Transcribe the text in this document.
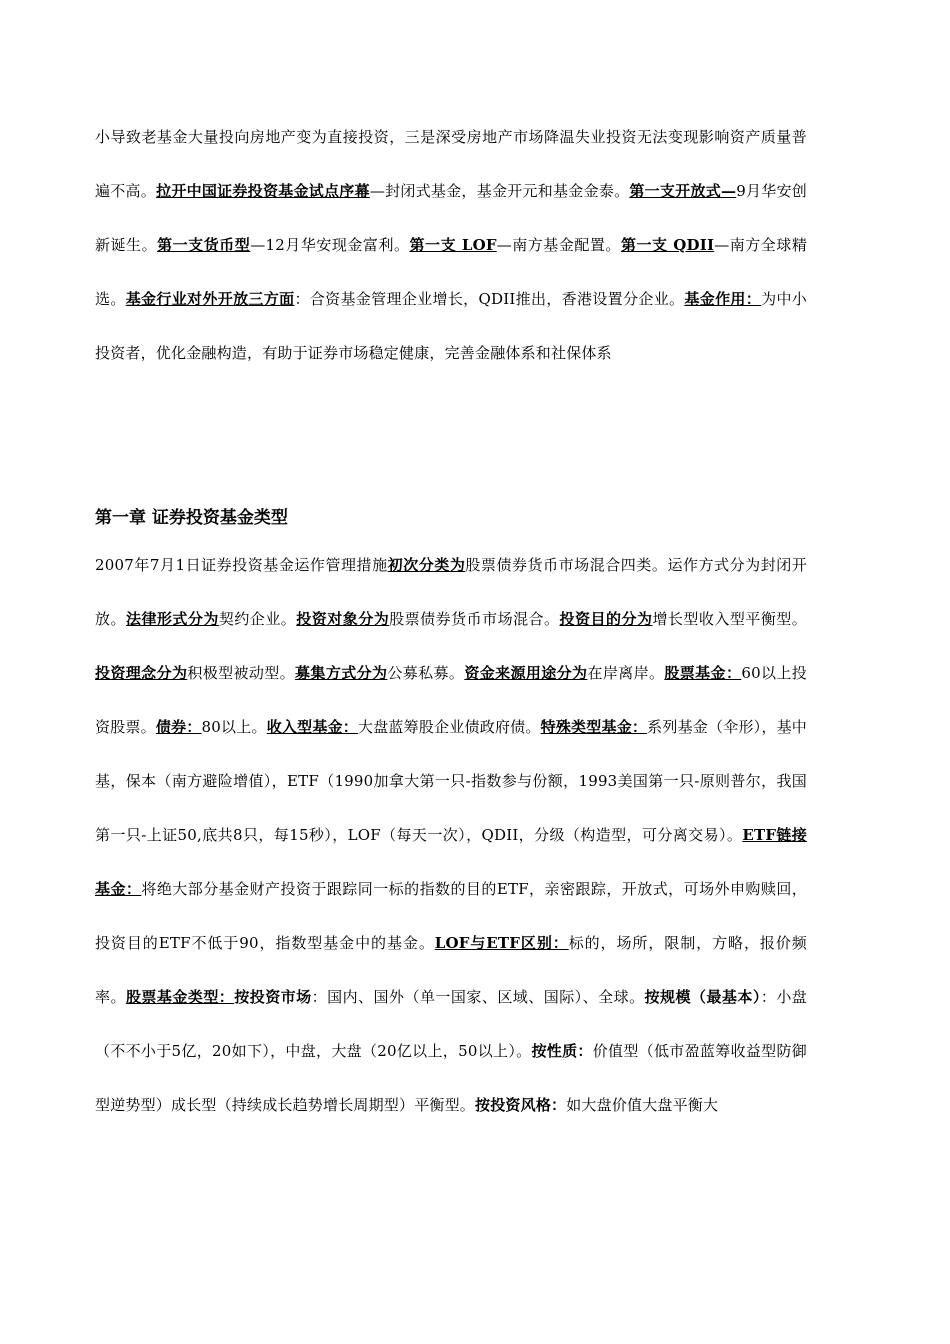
小导致老基金大量投向房地产变为直接投资，三是深受房地产市场降温失业投资无法变现影响资产质量普遍不高。拉开中国证券投资基金试点序幕—封闭式基金，基金开元和基金金泰。第一支开放式—9月华安创新诞生。第一支货币型—12月华安现金富利。第一支 LOF—南方基金配置。第一支 QDII—南方全球精选。基金行业对外开放三方面：合资基金管理企业增长，QDII推出，香港设置分企业。基金作用：为中小投资者，优化金融构造，有助于证券市场稳定健康，完善金融体系和社保体系
第一章 证券投资基金类型
2007年7月1日证券投资基金运作管理措施初次分类为股票债券货币市场混合四类。运作方式分为封闭开放。法律形式分为契约企业。投资对象分为股票债券货币市场混合。投资目的分为增长型收入型平衡型。投资理念分为积极型被动型。募集方式分为公募私募。资金来源用途分为在岸离岸。股票基金：60以上投资股票。债券：80以上。收入型基金：大盘蓝筹股企业债政府债。特殊类型基金：系列基金（伞形），基中基，保本（南方避险增值），ETF（1990加拿大第一只-指数参与份额，1993美国第一只-原则普尔，我国第一只-上证50,底共8只，每15秒），LOF（每天一次），QDII，分级（构造型，可分离交易）。ETF链接基金：将绝大部分基金财产投资于跟踪同一标的指数的目的ETF，亲密跟踪，开放式，可场外申购赎回，投资目的ETF不低于90，指数型基金中的基金。LOF与ETF区别：标的，场所，限制，方略，报价频率。股票基金类型：按投资市场：国内、国外（单一国家、区域、国际）、全球。按规模（最基本）：小盘（不不小于5亿，20如下），中盘，大盘（20亿以上，50以上）。按性质：价值型（低市盈蓝筹收益型防御型逆势型）成长型（持续成长趋势增长周期型）平衡型。按投资风格：如大盘价值大盘平衡大
